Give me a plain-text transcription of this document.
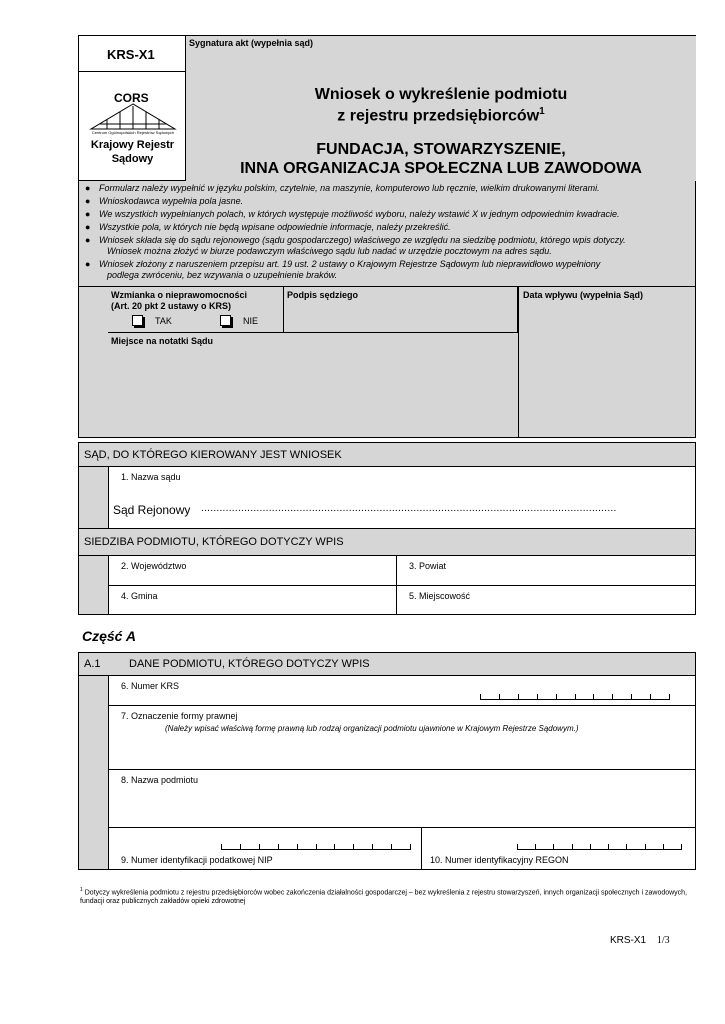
KRS-X1
Sygnatura akt (wypełnia sąd)
CORS
Centrum Ogólnopolskich Rejestrów Sądowych
Krajowy Rejestr
Sądowy
Wniosek o wykreślenie podmiotu
z rejestru przedsiębiorców$^1$
FUNDACJA, STOWARZYSZENIE,
INNA ORGANIZACJA SPOŁECZNA LUB ZAWODOWA
● Formularz należy wypełnić w języku polskim, czytelnie, na maszynie, komputerowo lub ręcznie, wielkim drukowanymi literami.
● Wnioskodawca wypełnia pola jasne.
● We wszystkich wypełnianych polach, w których występuje możliwość wyboru, należy wstawić X w jednym odpowiednim kwadracie.
● Wszystkie pola, w których nie będą wpisane odpowiednie informacje, należy przekreślić.
● Wniosek składa się do sądu rejonowego (sądu gospodarczego) właściwego ze względu na siedzibę podmiotu, którego wpis dotyczy.
Wniosek można złożyć w biurze podawczym właściwego sądu lub nadać w urzędzie pocztowym na adres sądu.
● Wniosek złożony z naruszeniem przepisu art. 19 ust. 2 ustawy o Krajowym Rejestrze Sądowym lub nieprawidłowo wypełniony
podlega zwróceniu, bez wzywania o uzupełnienie braków.
Wzmianka o nieprawomocności
(Art. 20 pkt 2 ustawy o KRS)
TAK	NIE
Podpis sędziego	Data wpływu (wypełnia Sąd)
Miejsce na notatki Sądu
SĄD, DO KTÓREGO KIEROWANY JEST WNIOSEK
1. Nazwa sądu
Sąd Rejonowy .......................................................................................................................................
SIEDZIBA PODMIOTU, KTÓREGO DOTYCZY WPIS
2. Województwo	3. Powiat
4. Gmina	5. Miejscowość
Część A
A.1	DANE PODMIOTU, KTÓREGO DOTYCZY WPIS
6. Numer KRS
7. Oznaczenie formy prawnej
(Należy wpisać właściwą formę prawną lub rodzaj organizacji podmiotu ujawnione w Krajowym Rejestrze Sądowym.)
8. Nazwa podmiotu
9. Numer identyfikacji podatkowej NIP	10. Numer identyfikacyjny REGON
$^1$ Dotyczy wykreślenia podmiotu z rejestru przedsiębiorców wobec zakończenia działalności gospodarczej – bez wykreślenia z rejestru stowarzyszeń, innych organizacji społecznych i zawodowych, fundacji oraz publicznych zakładów opieki zdrowotnej
KRS-X1 1/3
